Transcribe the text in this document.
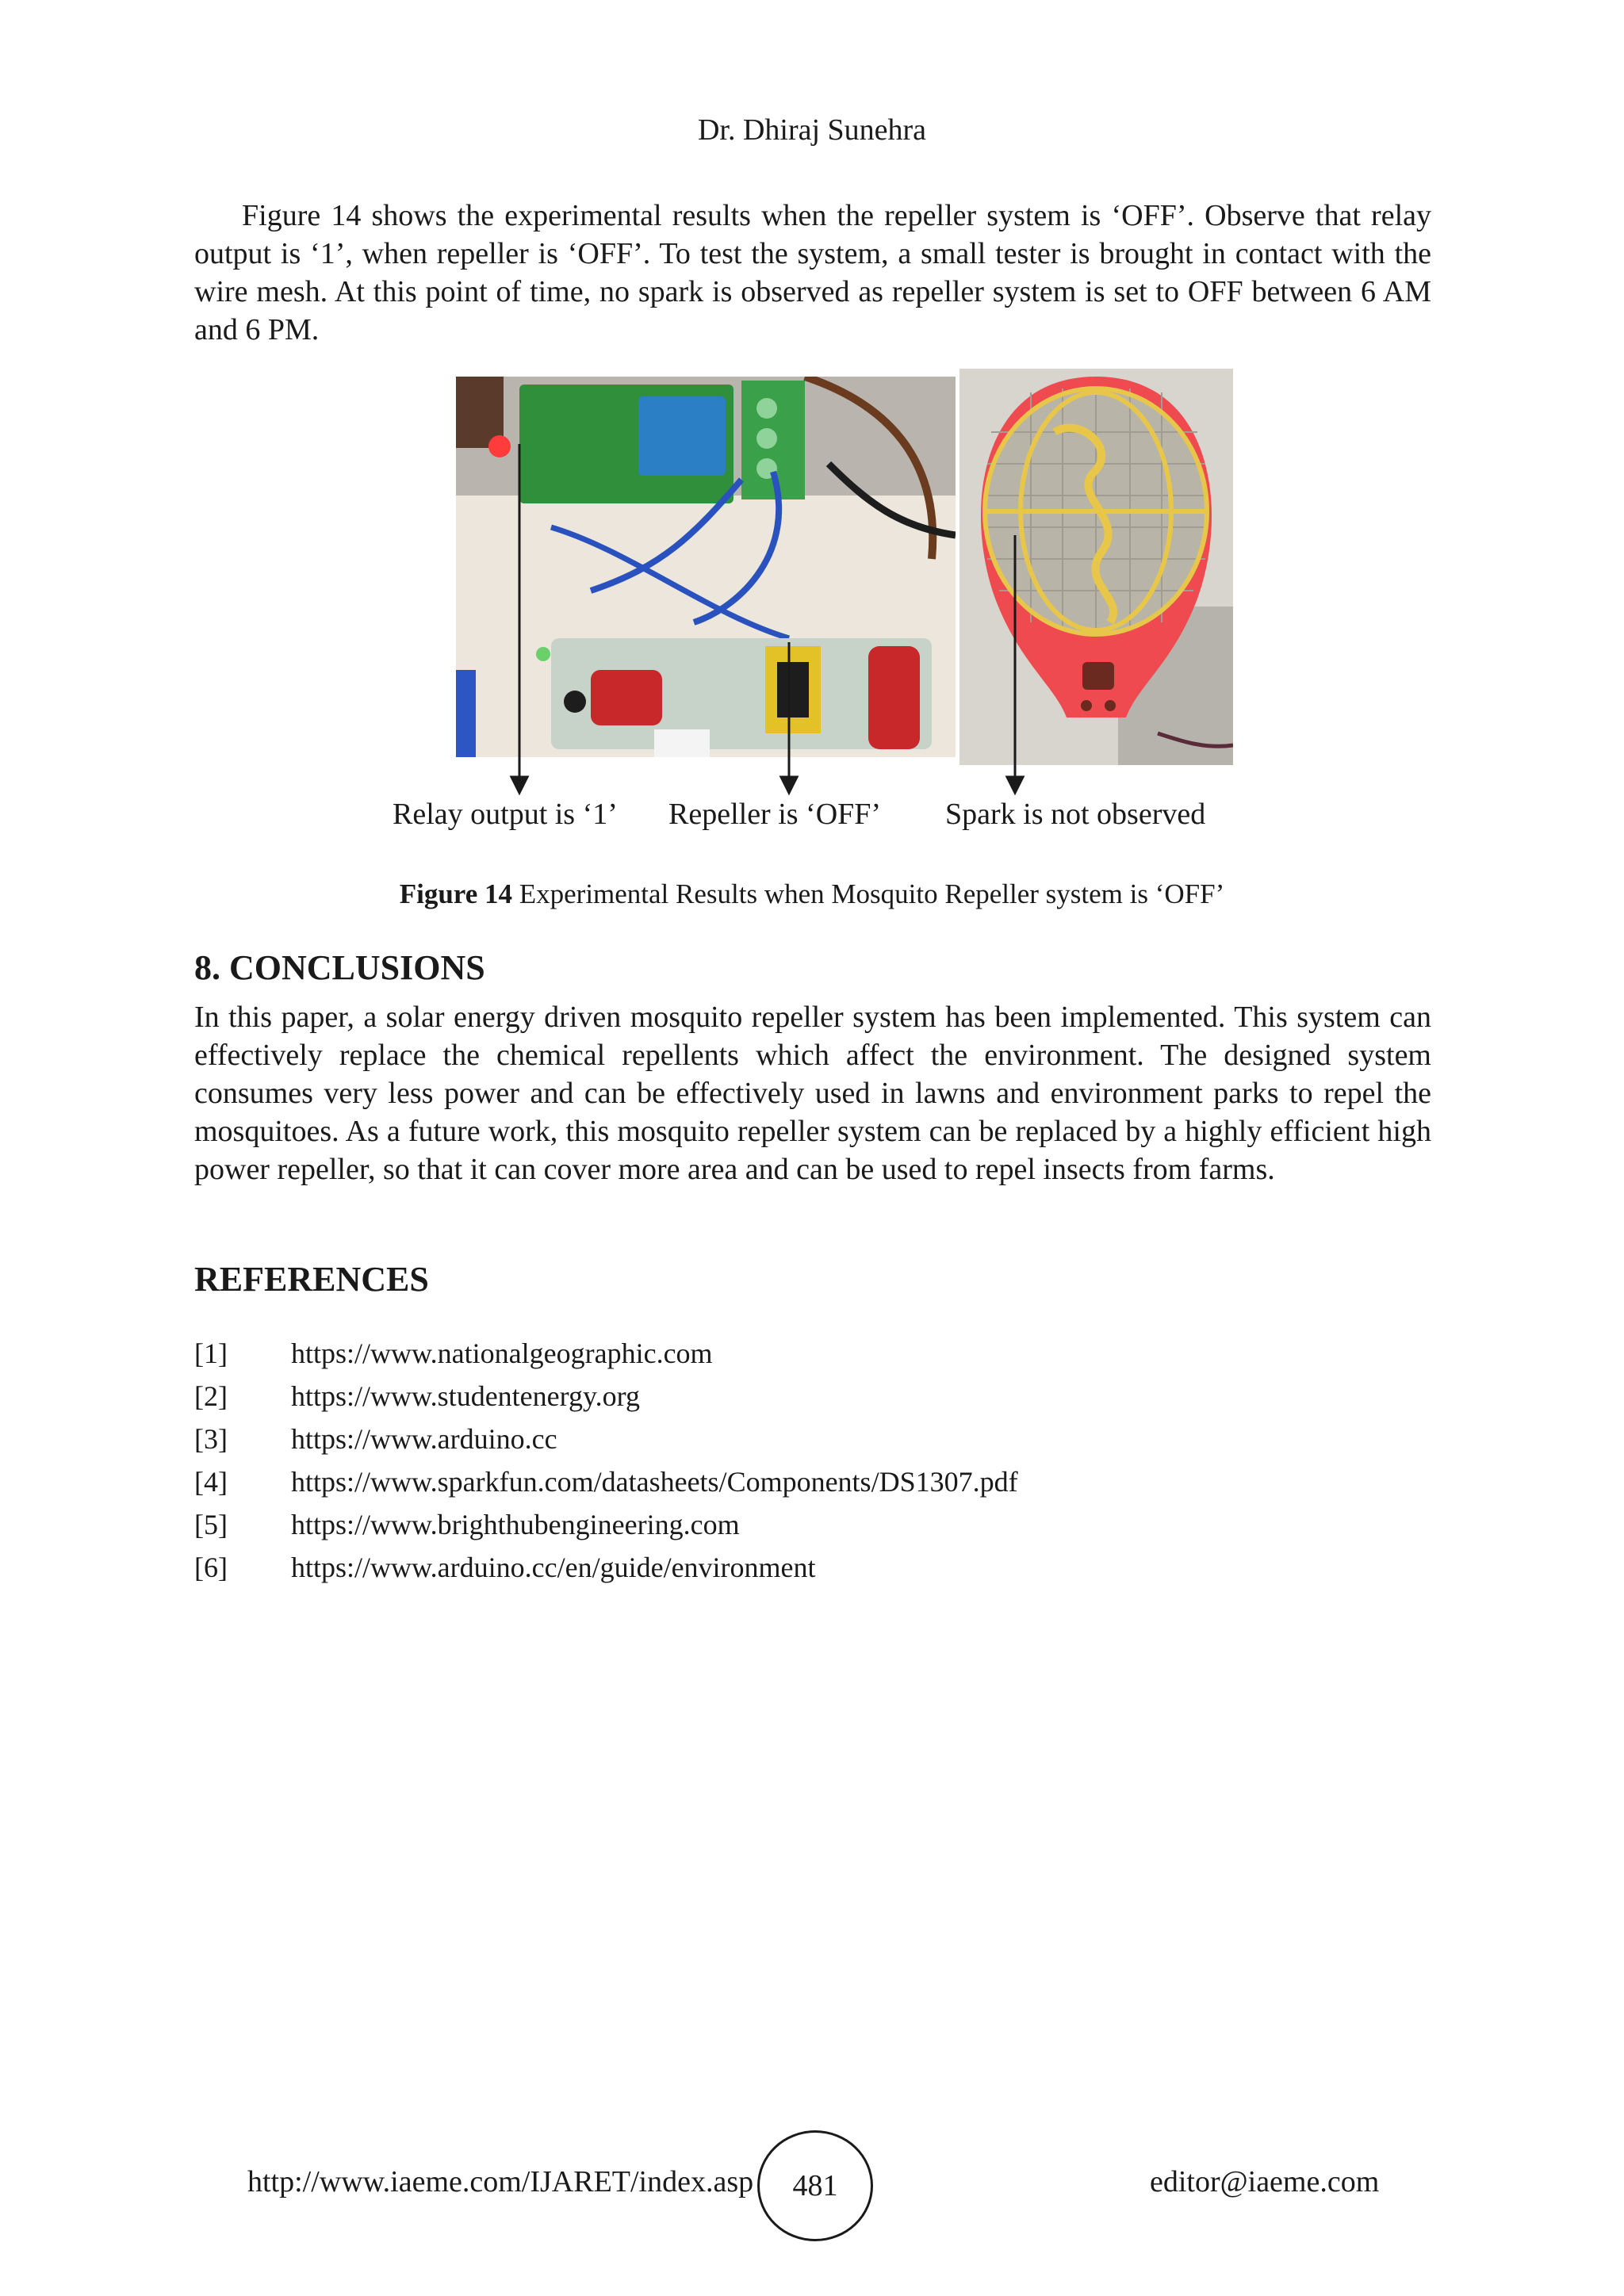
Dr. Dhiraj Sunehra

Figure 14 shows the experimental results when the repeller system is ‘OFF’. Observe that relay output is ‘1’, when repeller is ‘OFF’. To test the system, a small tester is brought in contact with the wire mesh. At this point of time, no spark is observed as repeller system is set to OFF between 6 AM and 6 PM.

Relay output is ‘1’ Repeller is ‘OFF’ Spark is not observed
Figure 14 Experimental Results when Mosquito Repeller system is ‘OFF’
8. CONCLUSIONS

In this paper, a solar energy driven mosquito repeller system has been implemented. This system can effectively replace the chemical repellents which affect the environment. The designed system consumes very less power and can be effectively used in lawns and environment parks to repel the mosquitoes. As a future work, this mosquito repeller system can be replaced by a highly efficient high power repeller, so that it can cover more area and can be used to repel insects from farms.

REFERENCES
[1]	https://www.nationalgeographic.com
[2]	https://www.studentenergy.org
[3]	https://www.arduino.cc
[4]	https://www.sparkfun.com/datasheets/Components/DS1307.pdf
[5]	https://www.brighthubengineering.com
[6]	https://www.arduino.cc/en/guide/environment
http://www.iaeme.com/IJARET/index.asp	481	editor@iaeme.com
